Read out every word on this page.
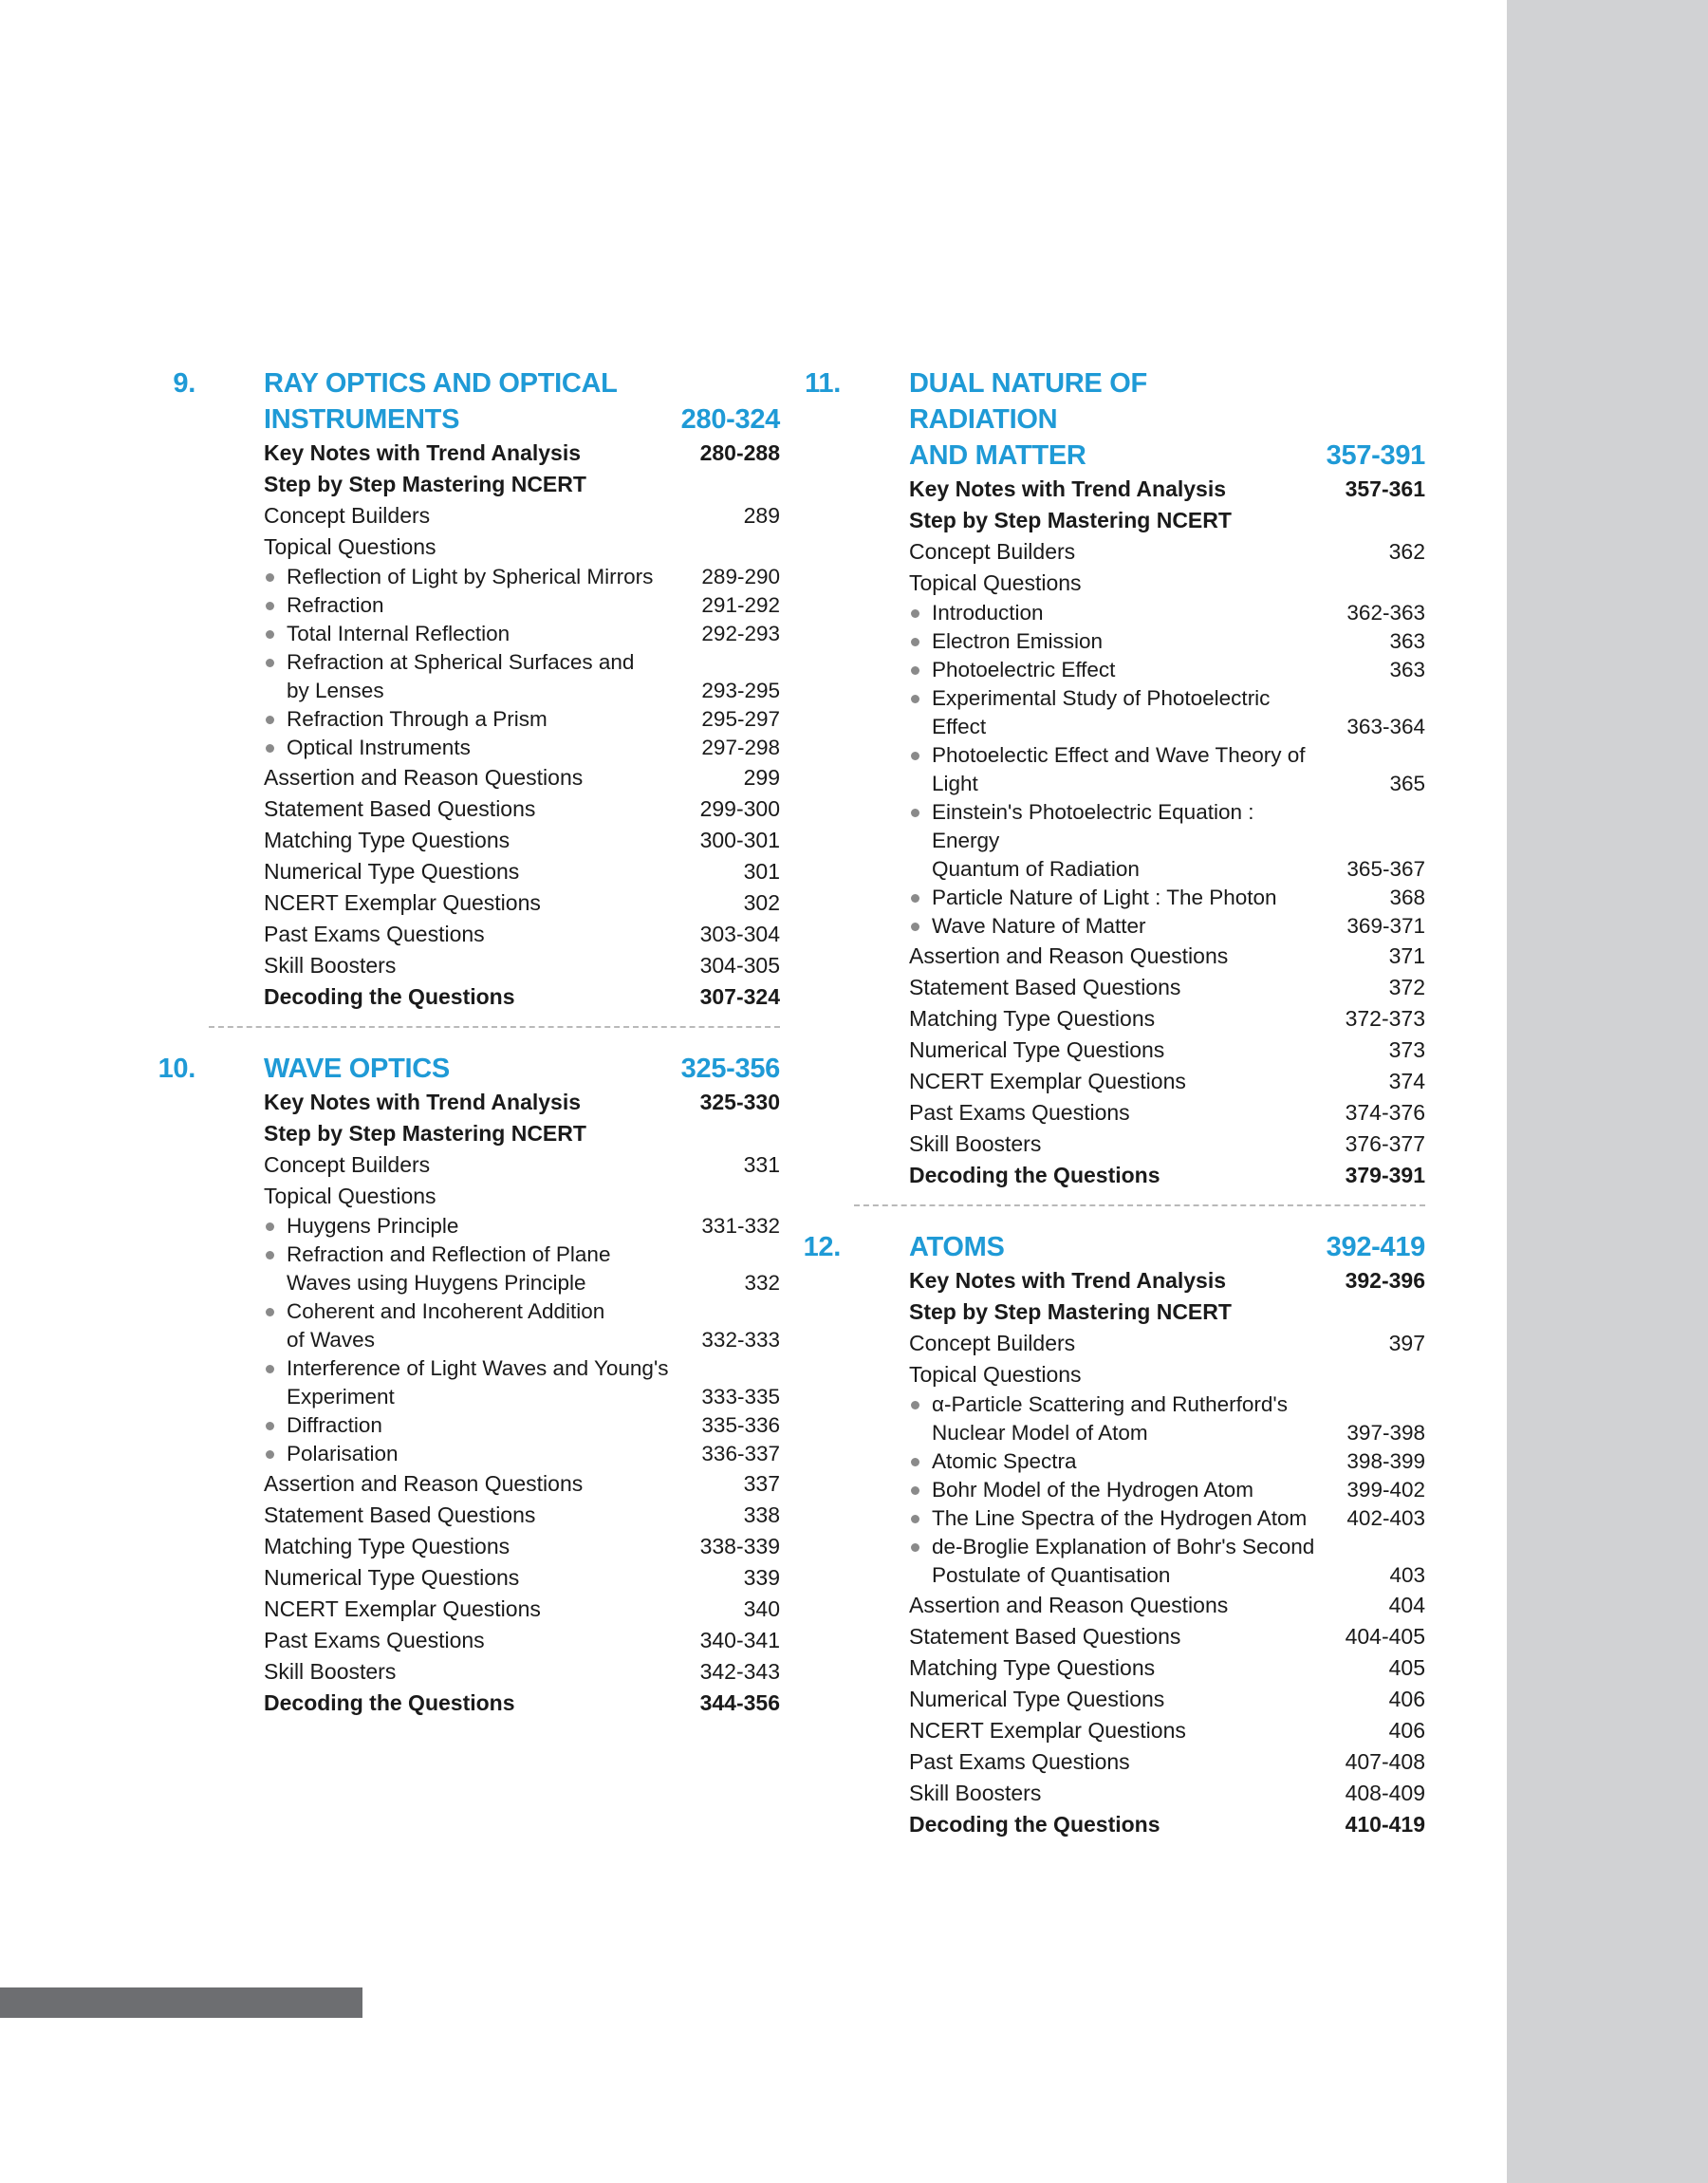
9.	RAY OPTICS AND OPTICAL
INSTRUMENTS	280-324
Key Notes with Trend Analysis	280-288
Step by Step Mastering NCERT
Concept Builders	289
Topical Questions
Reflection of Light by Spherical Mirrors	289-290
Refraction	291-292
Total Internal Reflection	292-293
Refraction at Spherical Surfaces and
by Lenses	293-295
Refraction Through a Prism	295-297
Optical Instruments	297-298
Assertion and Reason Questions	299
Statement Based Questions	299-300
Matching Type Questions	300-301
Numerical Type Questions	301
NCERT Exemplar Questions	302
Past Exams Questions	303-304
Skill Boosters	304-305
Decoding the Questions	307-324
10.	WAVE OPTICS	325-356
Key Notes with Trend Analysis	325-330
Step by Step Mastering NCERT
Concept Builders	331
Topical Questions
Huygens Principle	331-332
Refraction and Reflection of Plane
Waves using Huygens Principle	332
Coherent and Incoherent Addition
of Waves	332-333
Interference of Light Waves and Young's
Experiment	333-335
Diffraction	335-336
Polarisation	336-337
Assertion and Reason Questions	337
Statement Based Questions	338
Matching Type Questions	338-339
Numerical Type Questions	339
NCERT Exemplar Questions	340
Past Exams Questions	340-341
Skill Boosters	342-343
Decoding the Questions	344-356
11.	DUAL NATURE OF RADIATION
AND MATTER	357-391
Key Notes with Trend Analysis	357-361
Step by Step Mastering NCERT
Concept Builders	362
Topical Questions
Introduction	362-363
Electron Emission	363
Photoelectric Effect	363
Experimental Study of Photoelectric
Effect	363-364
Photoelectic Effect and Wave Theory of Light	365
Einstein's Photoelectric Equation : Energy
Quantum of Radiation	365-367
Particle Nature of Light : The Photon	368
Wave Nature of Matter	369-371
Assertion and Reason Questions	371
Statement Based Questions	372
Matching Type Questions	372-373
Numerical Type Questions	373
NCERT Exemplar Questions	374
Past Exams Questions	374-376
Skill Boosters	376-377
Decoding the Questions	379-391
12.	ATOMS	392-419
Key Notes with Trend Analysis	392-396
Step by Step Mastering NCERT
Concept Builders	397
Topical Questions
α-Particle Scattering and Rutherford's
Nuclear Model of Atom	397-398
Atomic Spectra	398-399
Bohr Model of the Hydrogen Atom	399-402
The Line Spectra of the Hydrogen Atom	402-403
de-Broglie Explanation of Bohr's Second
Postulate of Quantisation	403
Assertion and Reason Questions	404
Statement Based Questions	404-405
Matching Type Questions	405
Numerical Type Questions	406
NCERT Exemplar Questions	406
Past Exams Questions	407-408
Skill Boosters	408-409
Decoding the Questions	410-419
